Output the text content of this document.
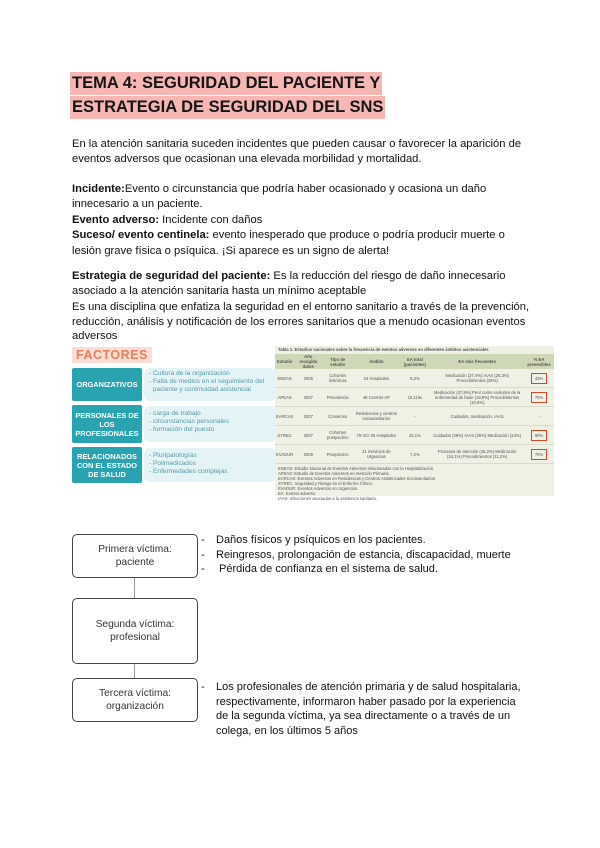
TEMA 4: SEGURIDAD DEL PACIENTE Y
ESTRATEGIA DE SEGURIDAD DEL SNS
En la atención sanitaria suceden incidentes que pueden causar o favorecer la aparición de
eventos adversos que ocasionan una elevada morbilidad y mortalidad.
Incidente:Evento o circunstancia que podría haber ocasionado y ocasiona un daño
innecesario a un paciente.
Evento adverso: Incidente con daños
Suceso/ evento centinela: evento inesperado que produce o podría producir muerte o
lesión grave física o psíquica. ¡Si aparece es un signo de alerta!
Estrategia de seguridad del paciente: Es la reducción del riesgo de daño innecesario
asociado a la atención sanitaria hasta un mínimo aceptable
Es una disciplina que enfatiza la seguridad en el entorno sanitario a través de la prevención,
reducción, análisis y notificación de los errores sanitarios que a menudo ocasionan eventos
adversos
FACTORES
ORGANIZATIVOS
- Cultura de la organización
- Falta de medios en el seguimiento del
paciente y continuidad asistencial
PERSONALES DE LOS PROFESIONALES
- carga de trabajo
- circunstancias personales
- formación del puesto
RELACIONADOS CON EL ESTADO DE SALUD
- Pluripatologías
- Polimedicados
- Enfermedades complejas
Tabla 1. Estudios nacionales sobre la frecuencia de eventos adversos en diferentes ámbitos asistenciales
Estudio	Año recogida datos	Tipo de estudio	Ámbito	EA total (pacientes)	EA más frecuentes	% EA prevenibles
ENEAS	2005	Cohortes históricas	24 Hospitales	9,3%	Medicación (37,4%) IAAS (25,3%) Procedimientos (25%)	43%
APEAS	2007	Prevalencia	48 Centros AP	10,11‰	Medicación (47,8%) Peor curso evolutivo de la enfermedad de base (19,9%) Procedimientos (10,6%)	70%
EARCAS	2007	Consenso	Residencias y centros sociosanitarios	-	Cuidados, medicación, IAAS	-
SYREC	2007	Cohortes prospectivo	79 UCI 25 Hospitales	33,1%	Cuidados (29%) IAAS (26%) Medicación (24%)	90%
EVADUR	2009	Prospectivo	21 Servicios de Urgencias	7,2%	Procesos de atención (46,2%) Medicación (24,1%) Procedimientos (11,2%)	70%
ENEAS: Estudio Nacional de Eventos Adversos relacionados con la Hospitalización.
APEAS: Estudio de Eventos Adversos en Atención Primaria.
EARCAS: Eventos Adversos en Residencias y Centros Asistenciales Sociosanitarios.
SYREC: Seguridad y Riesgo en el Enfermo Crítico.
EVADUR: Eventos Adversos en Urgencias.
EA: Evento adverso.
IAAS: Infecciones asociadas a la asistencia sanitaria.
Primera víctima: paciente
Segunda víctima: profesional
Tercera víctima: organización
-	Daños físicos y psíquicos en los pacientes.
-	Reingresos, prolongación de estancia, discapacidad, muerte
-	Pérdida de confianza en el sistema de salud.
-	Los profesionales de atención primaria y de salud hospitalaria,
respectivamente, informaron haber pasado por la experiencia
de la segunda víctima, ya sea directamente o a través de un
colega, en los últimos 5 años
